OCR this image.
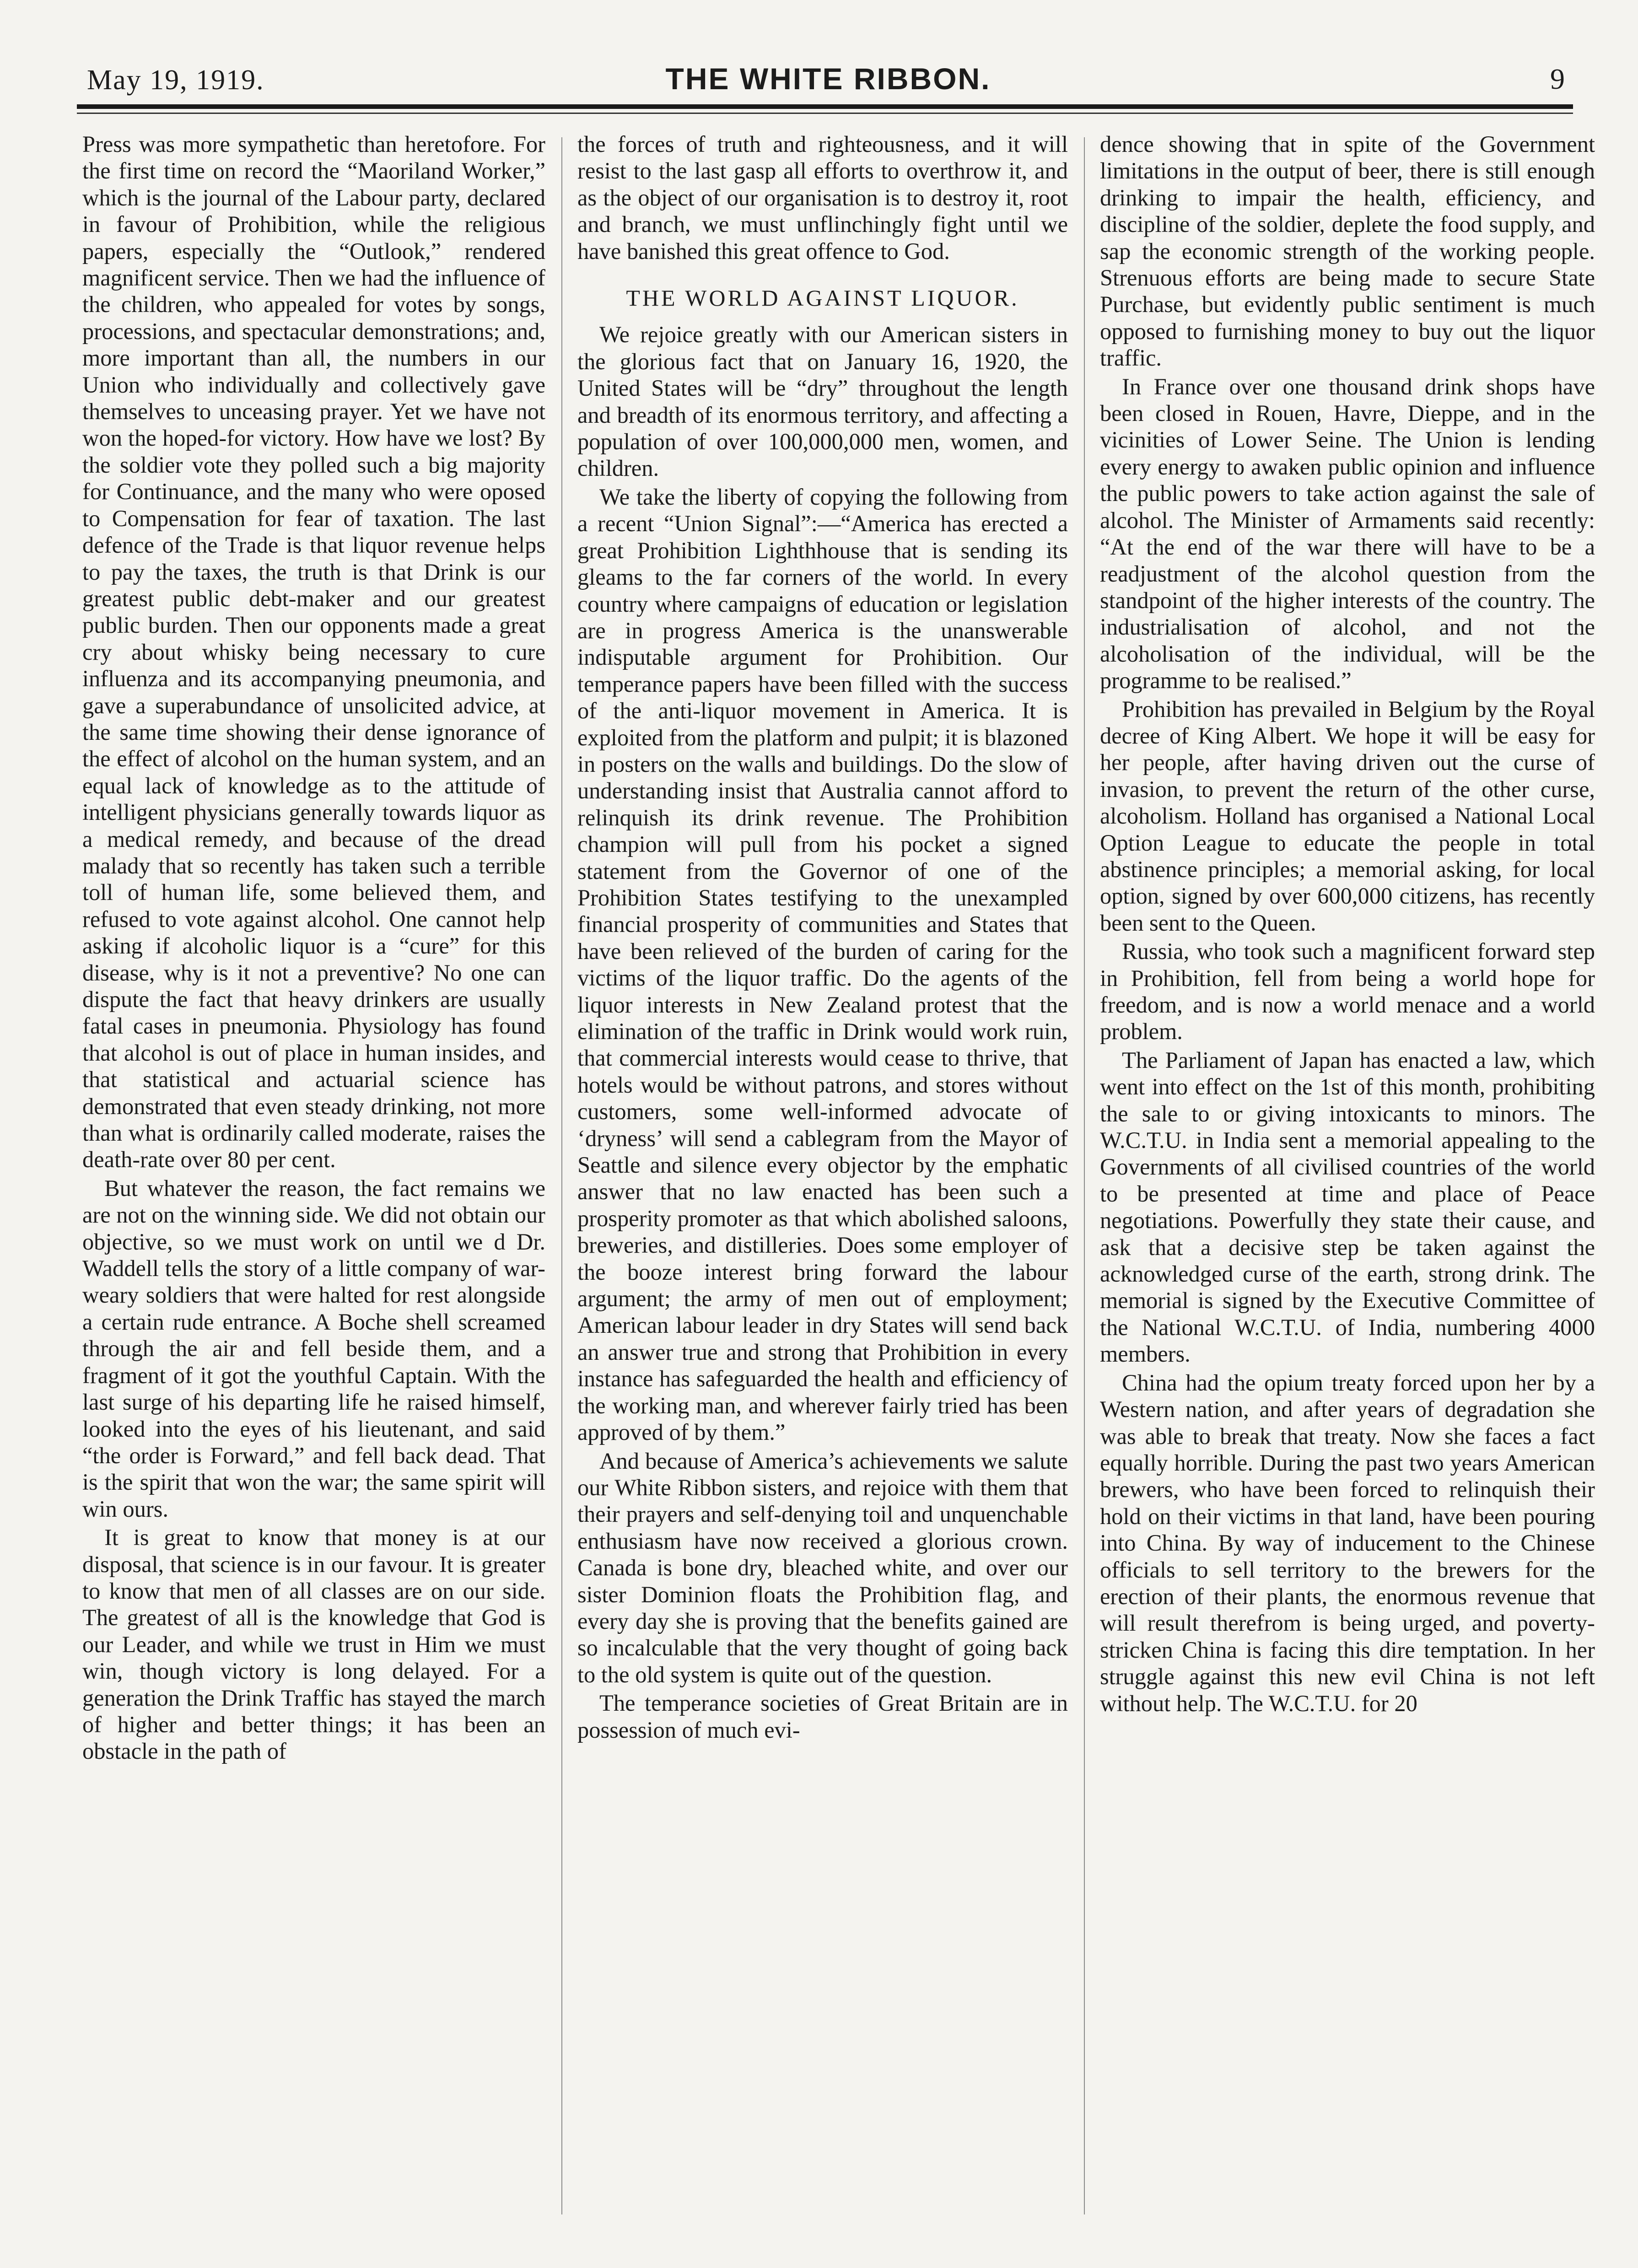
May 19, 1919.	THE WHITE RIBBON.	9

Press was more sympathetic than heretofore. For the first time on record the “Maoriland Worker,” which is the journal of the Labour party, declared in favour of Prohibition, while the religious papers, especially the “Outlook,” rendered magnificent service. Then we had the influence of the children, who appealed for votes by songs, processions, and spectacular demonstrations; and, more important than all, the numbers in our Union who individually and collectively gave themselves to unceasing prayer. Yet we have not won the hoped-for victory. How have we lost? By the soldier vote they polled such a big majority for Continuance, and the many who were oposed to Compensation for fear of taxation. The last defence of the Trade is that liquor revenue helps to pay the taxes, the truth is that Drink is our greatest public debt-maker and our greatest public burden. Then our opponents made a great cry about whisky being necessary to cure influenza and its accompanying pneumonia, and gave a superabundance of unsolicited advice, at the same time showing their dense ignorance of the effect of alcohol on the human system, and an equal lack of knowledge as to the attitude of intelligent physicians generally towards liquor as a medical remedy, and because of the dread malady that so recently has taken such a terrible toll of human life, some believed them, and refused to vote against alcohol. One cannot help asking if alcoholic liquor is a “cure” for this disease, why is it not a preventive? No one can dispute the fact that heavy drinkers are usually fatal cases in pneumonia. Physiology has found that alcohol is out of place in human insides, and that statistical and actuarial science has demonstrated that even steady drinking, not more than what is ordinarily called moderate, raises the death-rate over 80 per cent.

But whatever the reason, the fact remains we are not on the winning side. We did not obtain our objective, so we must work on until we d Dr. Waddell tells the story of a little company of war-weary soldiers that were halted for rest alongside a certain rude entrance. A Boche shell screamed through the air and fell beside them, and a fragment of it got the youthful Captain. With the last surge of his departing life he raised himself, looked into the eyes of his lieutenant, and said “the order is Forward,” and fell back dead. That is the spirit that won the war; the same spirit will win ours.

It is great to know that money is at our disposal, that science is in our favour. It is greater to know that men of all classes are on our side. The greatest of all is the knowledge that God is our Leader, and while we trust in Him we must win, though victory is long delayed. For a generation the Drink Traffic has stayed the march of higher and better things; it has been an obstacle in the path of

the forces of truth and righteousness, and it will resist to the last gasp all efforts to overthrow it, and as the object of our organisation is to destroy it, root and branch, we must unflinchingly fight until we have banished this great offence to God.

THE WORLD AGAINST LIQUOR.

We rejoice greatly with our American sisters in the glorious fact that on January 16, 1920, the United States will be “dry” throughout the length and breadth of its enormous territory, and affecting a population of over 100,000,000 men, women, and children.

We take the liberty of copying the following from a recent “Union Signal”:—“America has erected a great Prohibition Lighthhouse that is sending its gleams to the far corners of the world. In every country where campaigns of education or legislation are in progress America is the unanswerable indisputable argument for Prohibition. Our temperance papers have been filled with the success of the anti-liquor movement in America. It is exploited from the platform and pulpit; it is blazoned in posters on the walls and buildings. Do the slow of understanding insist that Australia cannot afford to relinquish its drink revenue. The Prohibition champion will pull from his pocket a signed statement from the Governor of one of the Prohibition States testifying to the unexampled financial prosperity of communities and States that have been relieved of the burden of caring for the victims of the liquor traffic. Do the agents of the liquor interests in New Zealand protest that the elimination of the traffic in Drink would work ruin, that commercial interests would cease to thrive, that hotels would be without patrons, and stores without customers, some well-informed advocate of ‘dryness’ will send a cablegram from the Mayor of Seattle and silence every objector by the emphatic answer that no law enacted has been such a prosperity promoter as that which abolished saloons, breweries, and distilleries. Does some employer of the booze interest bring forward the labour argument; the army of men out of employment; American labour leader in dry States will send back an answer true and strong that Prohibition in every instance has safeguarded the health and efficiency of the working man, and wherever fairly tried has been approved of by them.”

And because of America’s achievements we salute our White Ribbon sisters, and rejoice with them that their prayers and self-denying toil and unquenchable enthusiasm have now received a glorious crown. Canada is bone dry, bleached white, and over our sister Dominion floats the Prohibition flag, and every day she is proving that the benefits gained are so incalculable that the very thought of going back to the old system is quite out of the question.

The temperance societies of Great Britain are in possession of much evi-

dence showing that in spite of the Government limitations in the output of beer, there is still enough drinking to impair the health, efficiency, and discipline of the soldier, deplete the food supply, and sap the economic strength of the working people. Strenuous efforts are being made to secure State Purchase, but evidently public sentiment is much opposed to furnishing money to buy out the liquor traffic.

In France over one thousand drink shops have been closed in Rouen, Havre, Dieppe, and in the vicinities of Lower Seine. The Union is lending every energy to awaken public opinion and influence the public powers to take action against the sale of alcohol. The Minister of Armaments said recently: “At the end of the war there will have to be a readjustment of the alcohol question from the standpoint of the higher interests of the country. The industrialisation of alcohol, and not the alcoholisation of the individual, will be the programme to be realised.”

Prohibition has prevailed in Belgium by the Royal decree of King Albert. We hope it will be easy for her people, after having driven out the curse of invasion, to prevent the return of the other curse, alcoholism. Holland has organised a National Local Option League to educate the people in total abstinence principles; a memorial asking, for local option, signed by over 600,000 citizens, has recently been sent to the Queen.

Russia, who took such a magnificent forward step in Prohibition, fell from being a world hope for freedom, and is now a world menace and a world problem.

The Parliament of Japan has enacted a law, which went into effect on the 1st of this month, prohibiting the sale to or giving intoxicants to minors. The W.C.T.U. in India sent a memorial appealing to the Governments of all civilised countries of the world to be presented at time and place of Peace negotiations. Powerfully they state their cause, and ask that a decisive step be taken against the acknowledged curse of the earth, strong drink. The memorial is signed by the Executive Committee of the National W.C.T.U. of India, numbering 4000 members.

China had the opium treaty forced upon her by a Western nation, and after years of degradation she was able to break that treaty. Now she faces a fact equally horrible. During the past two years American brewers, who have been forced to relinquish their hold on their victims in that land, have been pouring into China. By way of inducement to the Chinese officials to sell territory to the brewers for the erection of their plants, the enormous revenue that will result therefrom is being urged, and poverty-stricken China is facing this dire temptation. In her struggle against this new evil China is not left without help. The W.C.T.U. for 20
